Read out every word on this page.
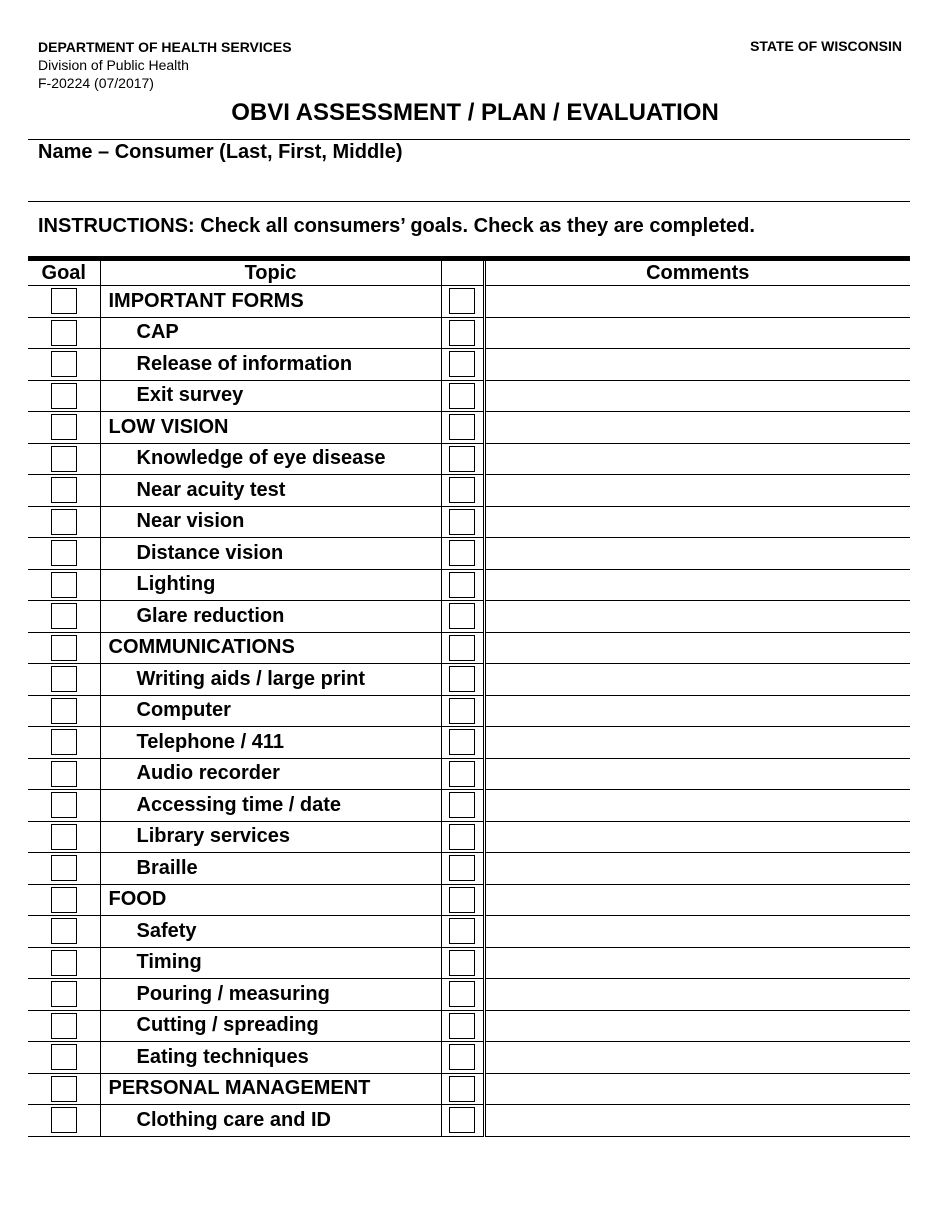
DEPARTMENT OF HEALTH SERVICES
Division of Public Health
F-20224 (07/2017)
STATE OF WISCONSIN
OBVI ASSESSMENT / PLAN / EVALUATION
Name – Consumer (Last, First, Middle)
INSTRUCTIONS: Check all consumers’ goals. Check as they are completed.
Goal	Topic		Comments

	IMPORTANT FORMS	

	CAP	

	Release of information	

	Exit survey	

	LOW VISION	

	Knowledge of eye disease	

	Near acuity test	

	Near vision	

	Distance vision	

	Lighting	

	Glare reduction	

	COMMUNICATIONS	

	Writing aids / large print	

	Computer	

	Telephone / 411	

	Audio recorder	

	Accessing time / date	

	Library services	

	Braille	

	FOOD	

	Safety	

	Timing	

	Pouring / measuring	

	Cutting / spreading	

	Eating techniques	

	PERSONAL MANAGEMENT	

	Clothing care and ID	
